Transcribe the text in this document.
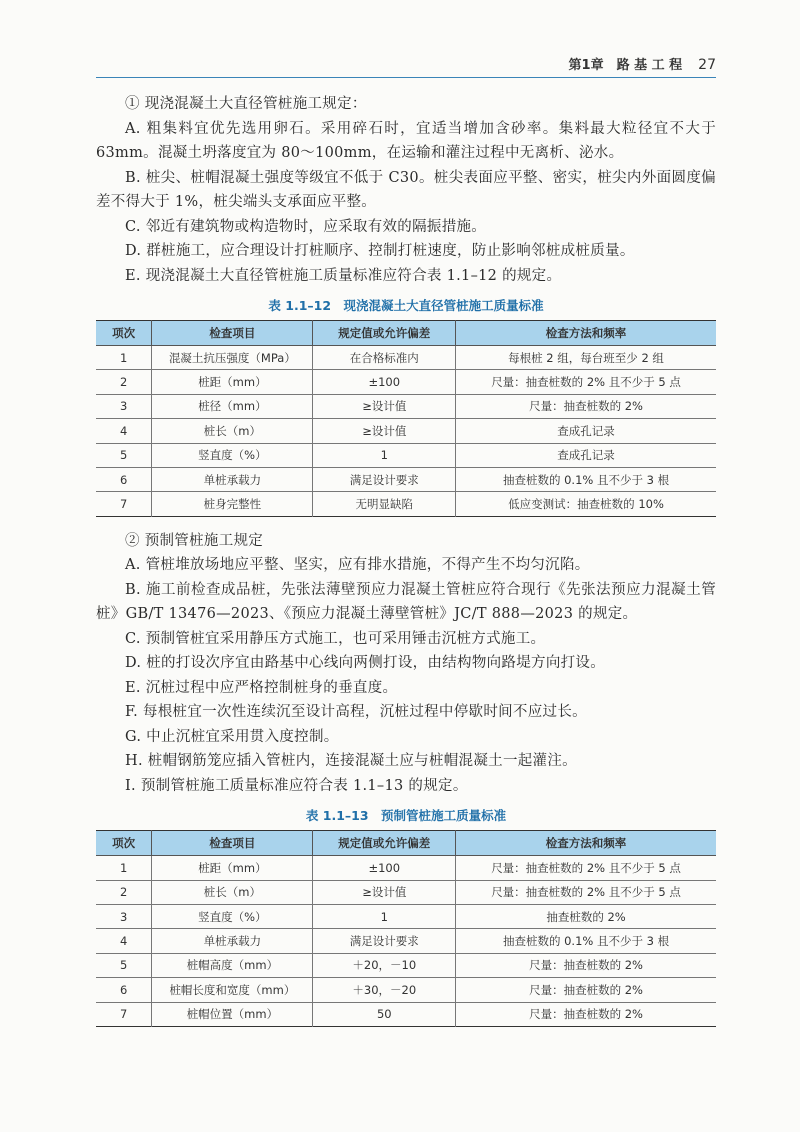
第1章　路 基 工 程 27

① 现浇混凝土大直径管桩施工规定：

A. 粗集料宜优先选用卵石。采用碎石时，宜适当增加含砂率。集料最大粒径宜不大于 63mm。混凝土坍落度宜为 80～100mm，在运输和灌注过程中无离析、泌水。

B. 桩尖、桩帽混凝土强度等级宜不低于 C30。桩尖表面应平整、密实，桩尖内外面圆度偏差不得大于 1%，桩尖端头支承面应平整。

C. 邻近有建筑物或构造物时，应采取有效的隔振措施。

D. 群桩施工，应合理设计打桩顺序、控制打桩速度，防止影响邻桩成桩质量。

E. 现浇混凝土大直径管桩施工质量标准应符合表 1.1–12 的规定。

表 1.1–12　现浇混凝土大直径管桩施工质量标准
项次	检查项目	规定值或允许偏差	检查方法和频率
1	混凝土抗压强度（MPa）	在合格标准内	每根桩 2 组，每台班至少 2 组
2	桩距（mm）	±100	尺量：抽查桩数的 2% 且不少于 5 点
3	桩径（mm）	≥设计值	尺量：抽查桩数的 2%
4	桩长（m）	≥设计值	查成孔记录
5	竖直度（%）	1	查成孔记录
6	单桩承载力	满足设计要求	抽查桩数的 0.1% 且不少于 3 根
7	桩身完整性	无明显缺陷	低应变测试：抽查桩数的 10%

② 预制管桩施工规定

A. 管桩堆放场地应平整、坚实，应有排水措施，不得产生不均匀沉陷。

B. 施工前检查成品桩，先张法薄壁预应力混凝土管桩应符合现行《先张法预应力混凝土管桩》GB/T 13476—2023、《预应力混凝土薄壁管桩》JC/T 888—2023 的规定。

C. 预制管桩宜采用静压方式施工，也可采用锤击沉桩方式施工。

D. 桩的打设次序宜由路基中心线向两侧打设，由结构物向路堤方向打设。

E. 沉桩过程中应严格控制桩身的垂直度。

F. 每根桩宜一次性连续沉至设计高程，沉桩过程中停歇时间不应过长。

G. 中止沉桩宜采用贯入度控制。

H. 桩帽钢筋笼应插入管桩内，连接混凝土应与桩帽混凝土一起灌注。

I. 预制管桩施工质量标准应符合表 1.1–13 的规定。

表 1.1–13　预制管桩施工质量标准
项次	检查项目	规定值或允许偏差	检查方法和频率
1	桩距（mm）	±100	尺量：抽查桩数的 2% 且不少于 5 点
2	桩长（m）	≥设计值	尺量：抽查桩数的 2% 且不少于 5 点
3	竖直度（%）	1	抽查桩数的 2%
4	单桩承载力	满足设计要求	抽查桩数的 0.1% 且不少于 3 根
5	桩帽高度（mm）	＋20，－10	尺量：抽查桩数的 2%
6	桩帽长度和宽度（mm）	＋30，－20	尺量：抽查桩数的 2%
7	桩帽位置（mm）	50	尺量：抽查桩数的 2%
